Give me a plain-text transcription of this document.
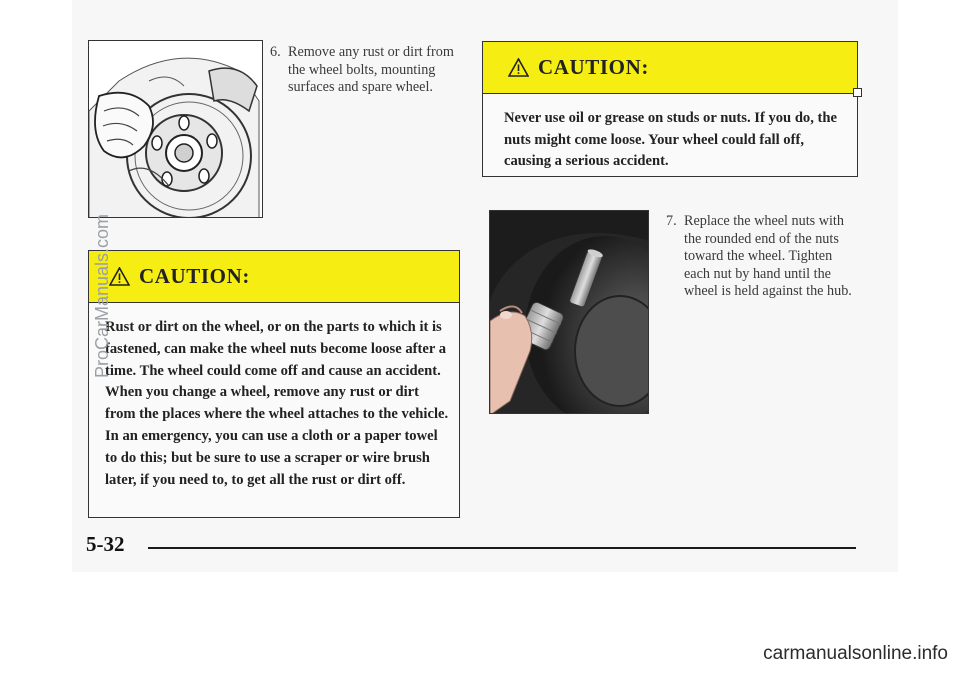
6. Remove any rust or dirt from the wheel bolts, mounting surfaces and spare wheel.
CAUTION:
Never use oil or grease on studs or nuts. If you do, the nuts might come loose. Your wheel could fall off, causing a serious accident.
7. Replace the wheel nuts with the rounded end of the nuts toward the wheel. Tighten each nut by hand until the wheel is held against the hub.
CAUTION:
Rust or dirt on the wheel, or on the parts to which it is fastened, can make the wheel nuts become loose after a time. The wheel could come off and cause an accident. When you change a wheel, remove any rust or dirt from the places where the wheel attaches to the vehicle. In an emergency, you can use a cloth or a paper towel to do this; but be sure to use a scraper or wire brush later, if you need to, to get all the rust or dirt off.
5-32
ProCarManuals.com
carmanualsonline.info
